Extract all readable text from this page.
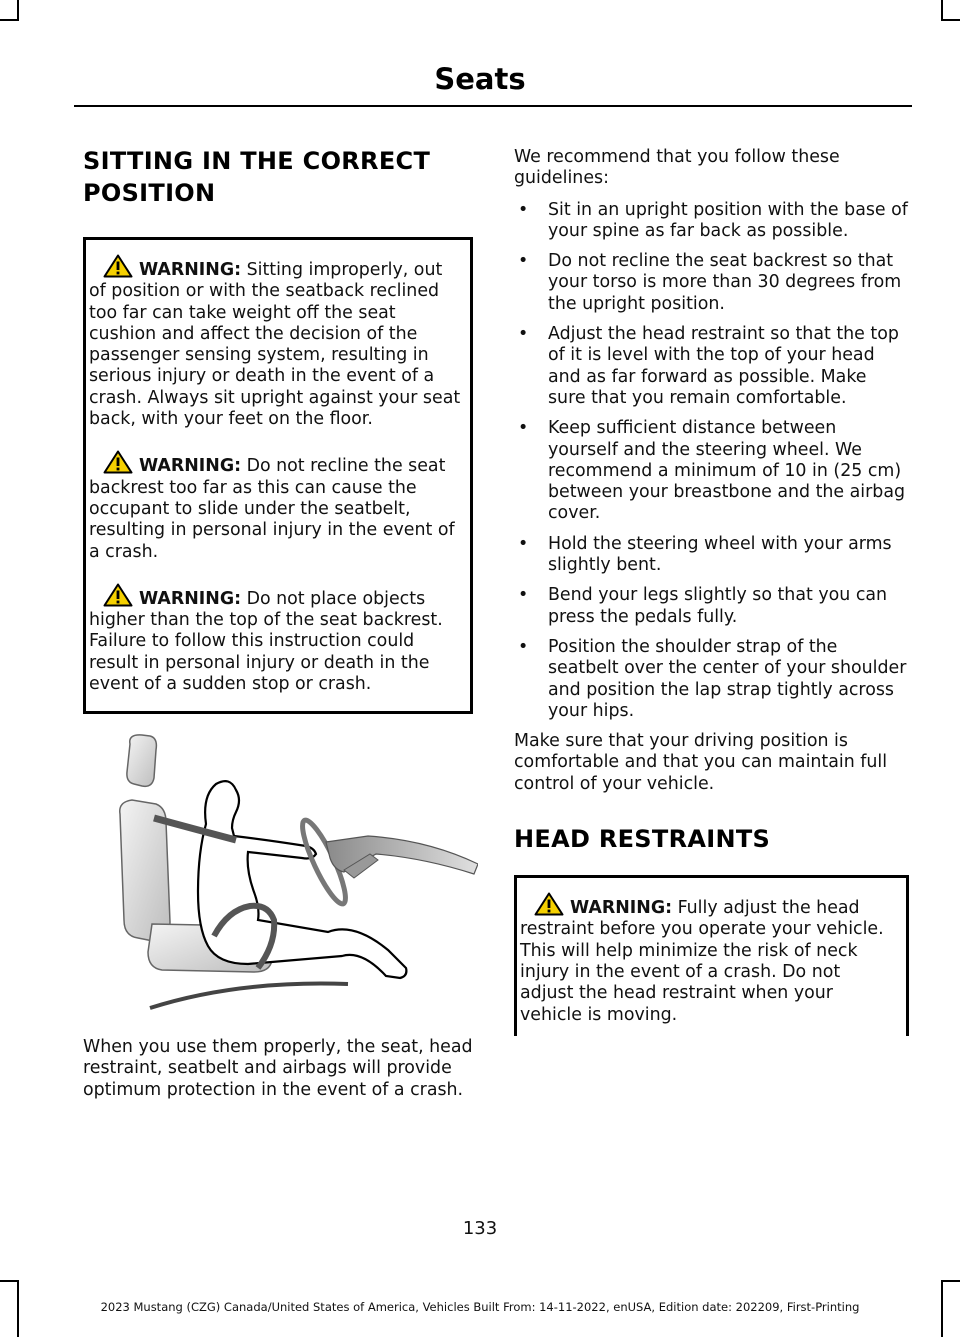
Seats
SITTING IN THE CORRECT
POSITION
WARNING: Sitting improperly, out of position or with the seatback reclined too far can take weight off the seat cushion and affect the decision of the passenger sensing system, resulting in serious injury or death in the event of a crash. Always sit upright against your seat back, with your feet on the floor.
WARNING: Do not recline the seat backrest too far as this can cause the occupant to slide under the seatbelt, resulting in personal injury in the event of a crash.
WARNING: Do not place objects higher than the top of the seat backrest. Failure to follow this instruction could result in personal injury or death in the event of a sudden stop or crash.

When you use them properly, the seat, head restraint, seatbelt and airbags will provide optimum protection in the event of a crash.

We recommend that you follow these guidelines:

• Sit in an upright position with the base of your spine as far back as possible.
• Do not recline the seat backrest so that your torso is more than 30 degrees from the upright position.
• Adjust the head restraint so that the top of it is level with the top of your head and as far forward as possible. Make sure that you remain comfortable.
• Keep sufficient distance between yourself and the steering wheel. We recommend a minimum of 10 in (25 cm) between your breastbone and the airbag cover.
• Hold the steering wheel with your arms slightly bent.
• Bend your legs slightly so that you can press the pedals fully.
• Position the shoulder strap of the seatbelt over the center of your shoulder and position the lap strap tightly across your hips.

Make sure that your driving position is comfortable and that you can maintain full control of your vehicle.

HEAD RESTRAINTS
WARNING: Fully adjust the head restraint before you operate your vehicle. This will help minimize the risk of neck injury in the event of a crash. Do not adjust the head restraint when your vehicle is moving.
133
2023 Mustang (CZG) Canada/United States of America, Vehicles Built From: 14-11-2022, enUSA, Edition date: 202209, First-Printing
